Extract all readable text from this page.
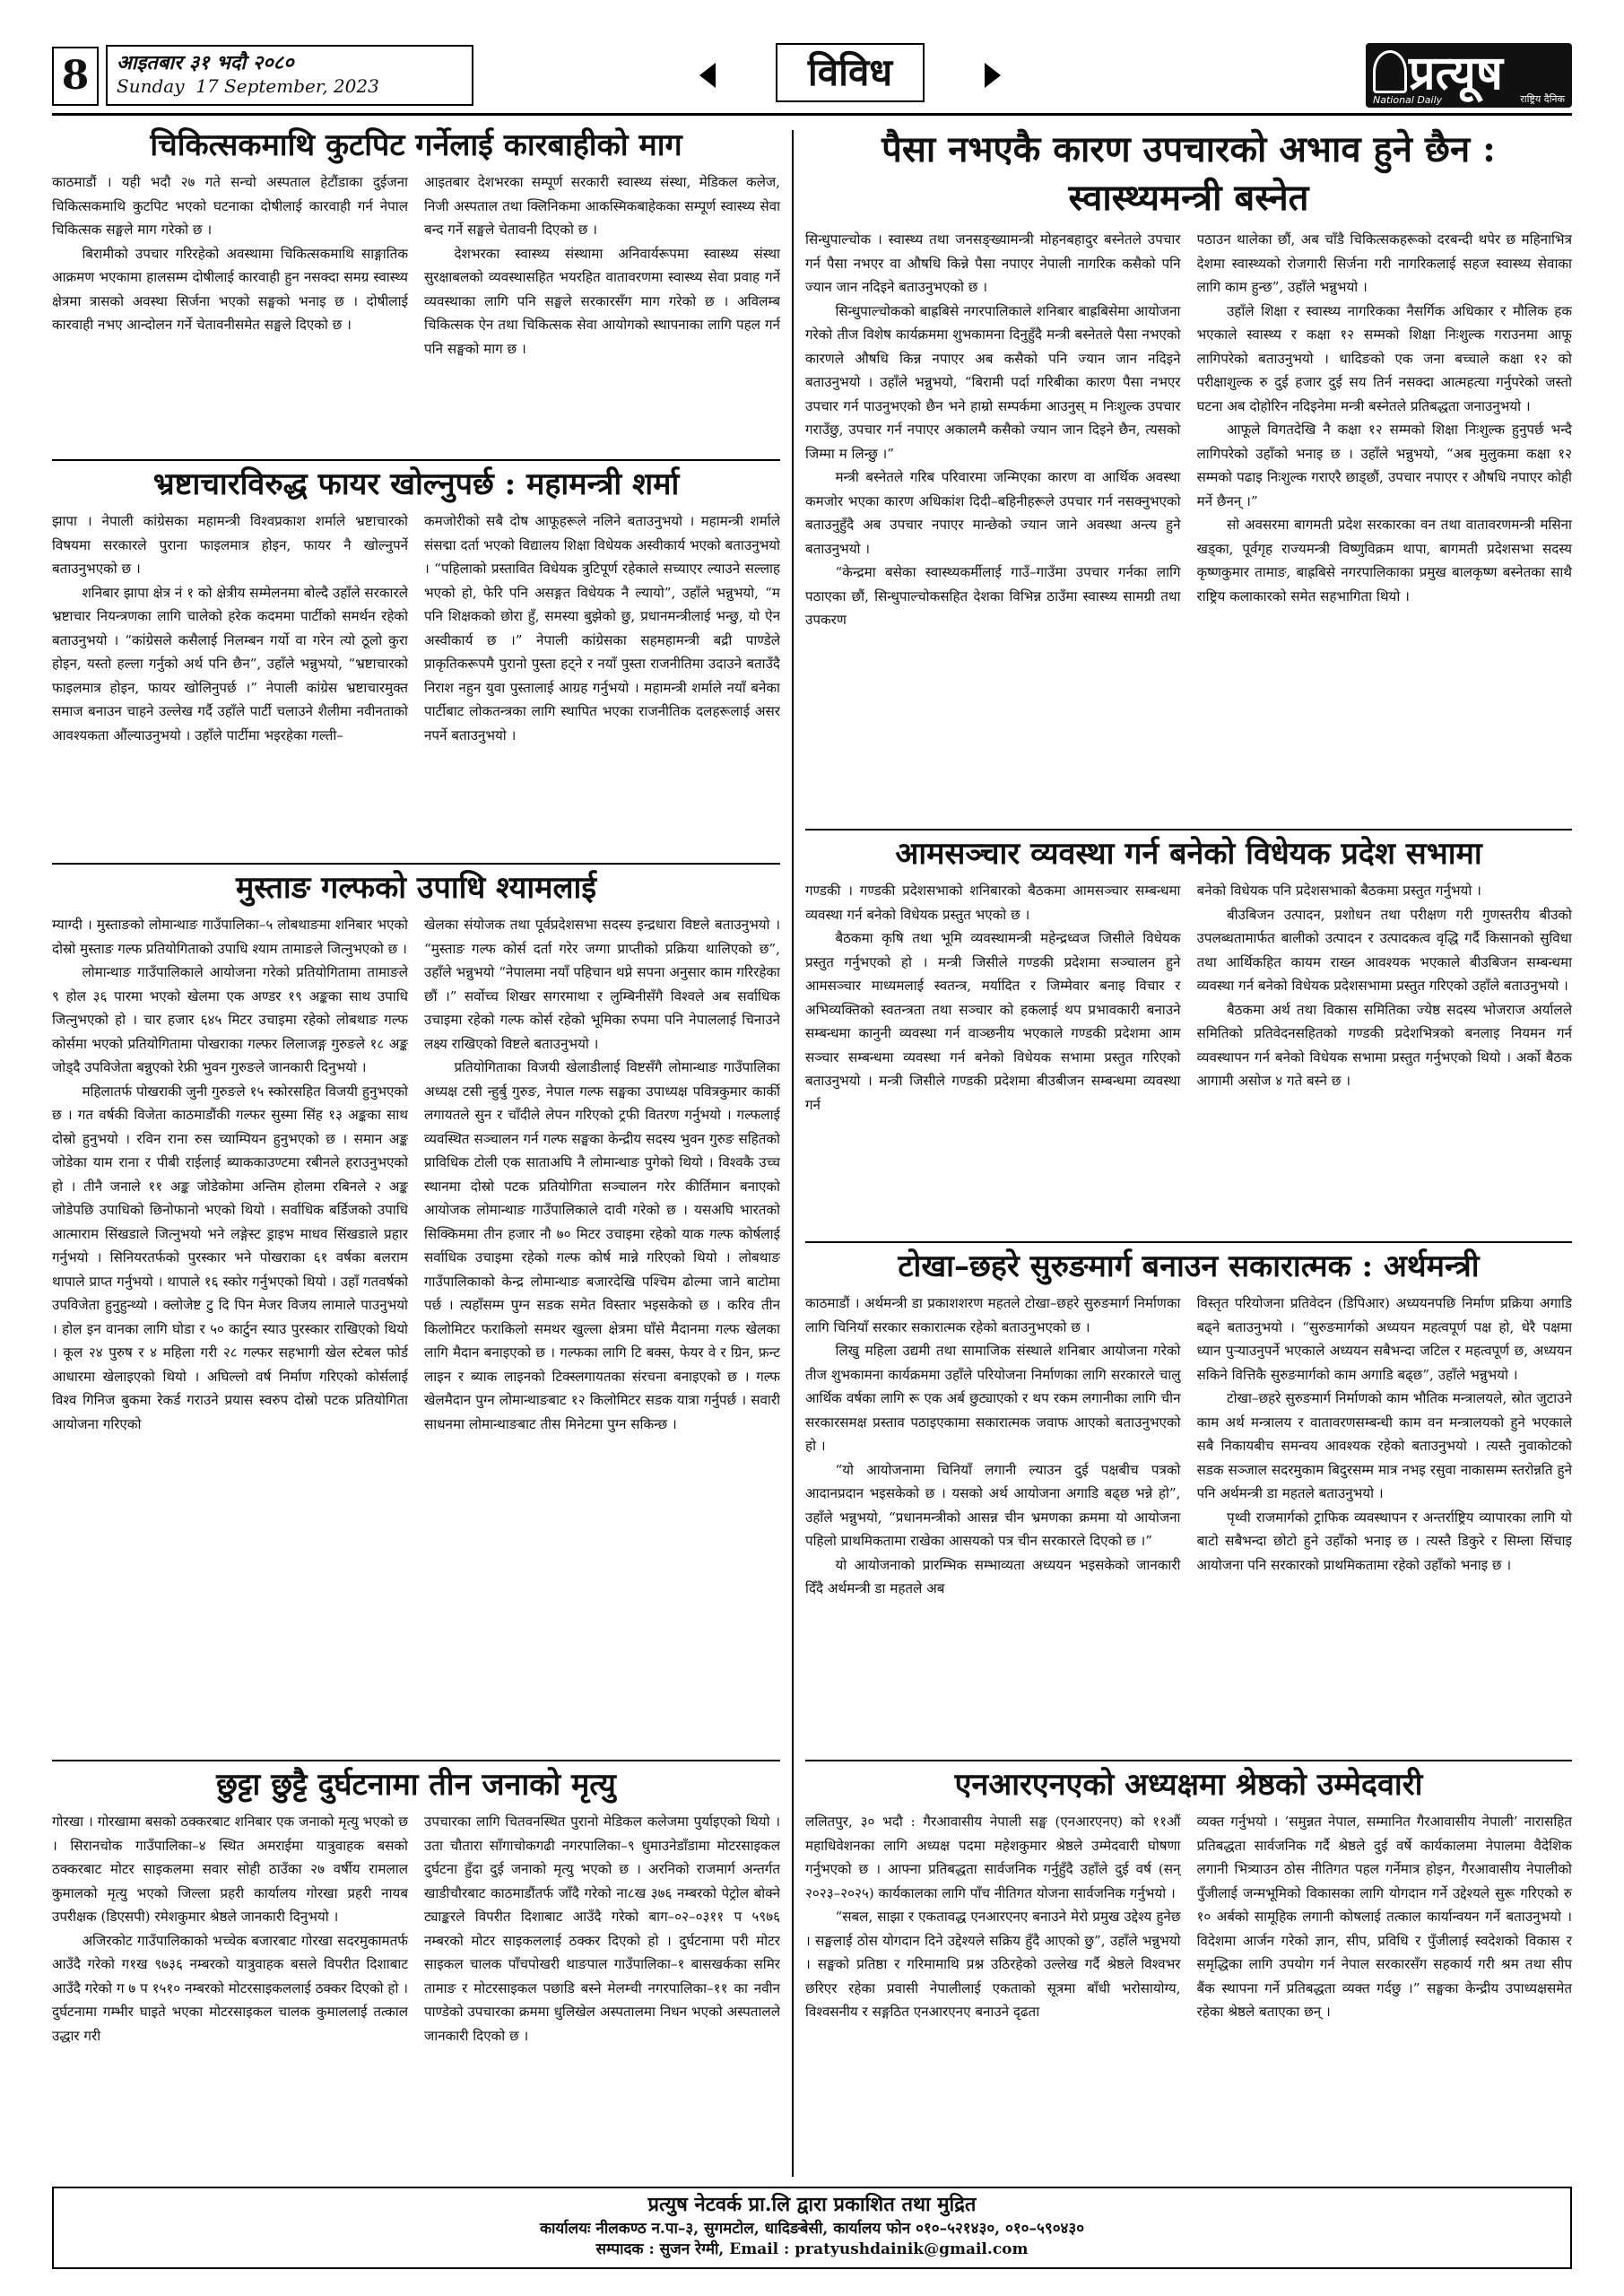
8	आइतबार ३१ भदौ २०८०
Sunday 17 September, 2023	विविध	प्रत्यूष
National Daily	राष्ट्रिय दैनिक
चिकित्सकमाथि कुटपिट गर्नेलाई कारबाहीको माग

काठमाडौं । यही भदौ २७ गते सन्चो अस्पताल हेटौंडाका दुईजना चिकित्सकमाथि कुटपिट भएको घटनाका दोषीलाई कारवाही गर्न नेपाल चिकित्सक सङ्घले माग गरेको छ ।

बिरामीको उपचार गरिरहेको अवस्थामा चिकित्सकमाथि साङ्गातिक आक्रमण भएकामा हालसम्म दोषीलाई कारवाही हुन नसक्दा समग्र स्वास्थ्य क्षेत्रमा त्रासको अवस्था सिर्जना भएको सङ्घको भनाइ छ । दोषीलाई कारवाही नभए आन्दोलन गर्ने चेतावनीसमेत सङ्घले दिएको छ ।

आइतबार देशभरका सम्पूर्ण सरकारी स्वास्थ्य संस्था, मेडिकल कलेज, निजी अस्पताल तथा क्लिनिकमा आकस्मिकबाहेकका सम्पूर्ण स्वास्थ्य सेवा बन्द गर्ने सङ्घले चेतावनी दिएको छ ।

देशभरका स्वास्थ्य संस्थामा अनिवार्यरूपमा स्वास्थ्य संस्था सुरक्षाबलको व्यवस्थासहित भयरहित वातावरणमा स्वास्थ्य सेवा प्रवाह गर्ने व्यवस्थाका लागि पनि सङ्घले सरकारसँग माग गरेको छ । अविलम्ब चिकित्सक ऐन तथा चिकित्सक सेवा आयोगको स्थापनाका लागि पहल गर्न पनि सङ्घको माग छ ।

भ्रष्टाचारविरुद्ध फायर खोल्नुपर्छ : महामन्त्री शर्मा

झापा । नेपाली कांग्रेसका महामन्त्री विश्वप्रकाश शर्माले भ्रष्टाचारको विषयमा सरकारले पुराना फाइलमात्र होइन, फायर नै खोल्नुपर्ने बताउनुभएको छ ।

शनिबार झापा क्षेत्र नं १ को क्षेत्रीय सम्मेलनमा बोल्दै उहाँले सरकारले भ्रष्टाचार नियन्त्रणका लागि चालेको हरेक कदममा पार्टीको समर्थन रहेको बताउनुभयो । “कांग्रेसले कसैलाई निलम्बन गर्यो वा गरेन त्यो ठूलो कुरा होइन, यस्तो हल्ला गर्नुको अर्थ पनि छैन”, उहाँले भन्नुभयो, “भ्रष्टाचारको फाइलमात्र होइन, फायर खोलिनुपर्छ ।” नेपाली कांग्रेस भ्रष्टाचारमुक्त समाज बनाउन चाहने उल्लेख गर्दै उहाँले पार्टी चलाउने शैलीमा नवीनताको आवश्यकता औंल्याउनुभयो । उहाँले पार्टीमा भइरहेका गल्ती–

कमजोरीको सबै दोष आफूहरूले नलिने बताउनुभयो । महामन्त्री शर्माले संसद्मा दर्ता भएको विद्यालय शिक्षा विधेयक अस्वीकार्य भएको बताउनुभयो । “पहिलाको प्रस्तावित विधेयक त्रुटिपूर्ण रहेकाले सच्याएर ल्याउने सल्लाह भएको हो, फेरि पनि असङ्गत विधेयक नै ल्यायो”, उहाँले भन्नुभयो, “म पनि शिक्षकको छोरा हुँ, समस्या बुझेको छु, प्रधानमन्त्रीलाई भन्छु, यो ऐन अस्वीकार्य छ ।” नेपाली कांग्रेसका सहमहामन्त्री बद्री पाण्डेले प्राकृतिकरूपमै पुरानो पुस्ता हट्ने र नयाँ पुस्ता राजनीतिमा उदाउने बताउँदै निराश नहुन युवा पुस्तालाई आग्रह गर्नुभयो । महामन्त्री शर्माले नयाँ बनेका पार्टीबाट लोकतन्त्रका लागि स्थापित भएका राजनीतिक दलहरूलाई असर नपर्ने बताउनुभयो ।

मुस्ताङ गल्फको उपाधि श्यामलाई

म्याग्दी । मुस्ताङको लोमान्थाङ गाउँपालिका–५ लोबथाङमा शनिबार भएको दोस्रो मुस्ताङ गल्फ प्रतियोगिताको उपाधि श्याम तामाङले जित्नुभएको छ ।

लोमान्थाङ गाउँपालिकाले आयोजना गरेको प्रतियोगितामा तामाङले ९ होल ३६ पारमा भएको खेलमा एक अण्डर १९ अङ्कका साथ उपाधि जित्नुभएको हो । चार हजार ६४५ मिटर उचाइमा रहेको लोबथाङ गल्फ कोर्समा भएको प्रतियोगितामा पोखराका गल्फर लिलाजङ्ग गुरुङले १८ अङ्क जोड्दै उपविजेता बन्नुएको रेफ्री भुवन गुरुङले जानकारी दिनुभयो ।

महिलातर्फ पोखराकी जुनी गुरुङले १५ स्कोरसहित विजयी हुनुभएको छ । गत वर्षकी विजेता काठमाडौंकी गल्फर सुस्मा सिंह १३ अङ्कका साथ दोस्रो हुनुभयो । रविन राना रुस च्याम्पियन हुनुभएको छ । समान अङ्क जोडेका याम राना र पीबी राईलाई ब्याककाउण्टमा रबीनले हराउनुभएको हो । तीनै जनाले ११ अङ्क जोडेकोमा अन्तिम होलमा रबिनले २ अङ्क जोडेपछि उपाधिको छिनोफानो भएको थियो । सर्वाधिक बर्डिजको उपाधि आत्माराम सिंखडाले जित्नुभयो भने लङ्गेस्ट ड्राइभ माधव सिंखडाले प्रहार गर्नुभयो । सिनियरतर्फको पुरस्कार भने पोखराका ६१ वर्षका बलराम थापाले प्राप्त गर्नुभयो । थापाले १६ स्कोर गर्नुभएको थियो । उहाँ गतवर्षको उपविजेता हुनुहुन्थ्यो । क्लोजेष्ट टु दि पिन मेजर विजय लामाले पाउनुभयो । होल इन वानका लागि घोडा र ५० कार्टुन स्याउ पुरस्कार राखिएको थियो । कूल २४ पुरुष र ४ महिला गरी २८ गल्फर सहभागी खेल स्टेबल फोर्ड आधारमा खेलाइएको थियो । अघिल्लो वर्ष निर्माण गरिएको कोर्सलाई विश्व गिनिज बुकमा रेकर्ड गराउने प्रयास स्वरुप दोस्रो पटक प्रतियोगिता आयोजना गरिएको

खेलका संयोजक तथा पूर्वप्रदेशसभा सदस्य इन्द्रधारा विष्टले बताउनुभयो । “मुस्ताङ गल्फ कोर्स दर्ता गरेर जग्गा प्राप्तीको प्रक्रिया थालिएको छ”, उहाँले भन्नुभयो “नेपालमा नयाँ पहिचान थप्ने सपना अनुसार काम गरिरहेका छौं ।” सर्वोच्च शिखर सगरमाथा र लुम्बिनीसँगै विश्वले अब सर्वाधिक उचाइमा रहेको गल्फ कोर्स रहेको भूमिका रुपमा पनि नेपाललाई चिनाउने लक्ष्य राखिएको विष्टले बताउनुभयो ।

प्रतियोगिताका विजयी खेलाडीलाई विष्टसँगै लोमान्थाङ गाउँपालिका अध्यक्ष टसी न्हुर्बु गुरुङ, नेपाल गल्फ सङ्घका उपाध्यक्ष पवित्रकुमार कार्की लगायतले सुन र चाँदीले लेपन गरिएको ट्रफी वितरण गर्नुभयो । गल्फलाई व्यवस्थित सञ्चालन गर्न गल्फ सङ्घका केन्द्रीय सदस्य भुवन गुरुङ सहितको प्राविधिक टोली एक साताअघि नै लोमान्थाङ पुगेको थियो । विश्वकै उच्च स्थानमा दोस्रो पटक प्रतियोगिता सञ्चालन गरेर कीर्तिमान बनाएको आयोजक लोमान्थाङ गाउँपालिकाले दावी गरेको छ । यसअघि भारतको सिक्किममा तीन हजार नौ ७० मिटर उचाइमा रहेको याक गल्फ कोर्षलाई सर्वाधिक उचाइमा रहेको गल्फ कोर्ष मान्ने गरिएको थियो । लोबथाङ गाउँपालिकाको केन्द्र लोमान्थाङ बजारदेखि पश्चिम ढोल्मा जाने बाटोमा पर्छ । त्यहाँसम्म पुग्न सडक समेत विस्तार भइसकेको छ । करिव तीन किलोमिटर फराकिलो समथर खुल्ला क्षेत्रमा घाँसे मैदानमा गल्फ खेलका लागि मैदान बनाइएको छ । गल्फका लागि टि बक्स, फेयर वे र ग्रिन, फ्रन्ट लाइन र ब्याक लाइनको टिक्स्लगायतका संरचना बनाइएको छ । गल्फ खेलमैदान पुग्न लोमान्थाङबाट १२ किलोमिटर सडक यात्रा गर्नुपर्छ । सवारी साधनमा लोमान्थाङबाट तीस मिनेटमा पुग्न सकिन्छ ।

छुट्टा छुट्टै दुर्घटनामा तीन जनाको मृत्यु

गोरखा । गोरखामा बसको ठक्करबाट शनिबार एक जनाको मृत्यु भएको छ । सिरानचोक गाउँपालिका–४ स्थित अमराईमा यात्रुवाहक बसको ठक्करबाट मोटर साइकलमा सवार सोही ठाउँका २७ वर्षीय रामलाल कुमालको मृत्यु भएको जिल्ला प्रहरी कार्यालय गोरखा प्रहरी नायब उपरीक्षक (डिएसपी) रमेशकुमार श्रेष्ठले जानकारी दिनुभयो ।

अजिरकोट गाउँपालिकाको भच्चेक बजारबाट गोरखा सदरमुकामतर्फ आउँदै गरेको ग१ख ९७३६ नम्बरको यात्रुवाहक बसले विपरीत दिशाबाट आउँदै गरेको ग ७ प १५१० नम्बरको मोटरसाइकललाई ठक्कर दिएको हो । दुर्घटनामा गम्भीर घाइते भएका मोटरसाइकल चालक कुमाललाई तत्काल उद्धार गरी

उपचारका लागि चितवनस्थित पुरानो मेडिकल कलेजमा पुर्याइएको थियो । उता चौतारा साँगाचोकगढी नगरपालिका–९ धुमाउनेडाँडामा मोटरसाइकल दुर्घटना हुँदा दुई जनाको मृत्यु भएको छ । अरनिको राजमार्ग अन्तर्गत खाडीचौरबाट काठमाडौंतर्फ जाँदै गरेको ना८ख ३७६ नम्बरको पेट्रोल बोक्ने ट्याङ्करले विपरीत दिशाबाट आउँदै गरेको बाग–०२–०३११ प ५९७६ नम्बरको मोटर साइकललाई ठक्कर दिएको हो । दुर्घटनामा परी मोटर साइकल चालक पाँचपोखरी थाङपाल गाउँपालिका–१ बासखर्कका समिर तामाङ र मोटरसाइकल पछाडि बस्ने मेलम्ची नगरपालिका–११ का नवीन पाण्डेको उपचारका क्रममा धुलिखेल अस्पतालमा निधन भएको अस्पतालले जानकारी दिएको छ ।

पैसा नभएकै कारण उपचारको अभाव हुने छैन :
स्वास्थ्यमन्त्री बस्नेत

सिन्धुपाल्चोक । स्वास्थ्य तथा जनसङ्ख्यामन्त्री मोहनबहादुर बस्नेतले उपचार गर्न पैसा नभएर वा औषधि किन्ने पैसा नपाएर नेपाली नागरिक कसैको पनि ज्यान जान नदिइने बताउनुभएको छ ।

सिन्धुपाल्चोकको बाह्रबिसे नगरपालिकाले शनिबार बाह्रबिसेमा आयोजना गरेको तीज विशेष कार्यक्रममा शुभकामना दिनुहुँदै मन्त्री बस्नेतले पैसा नभएको कारणले औषधि किन्न नपाएर अब कसैको पनि ज्यान जान नदिइने बताउनुभयो । उहाँले भन्नुभयो, “बिरामी पर्दा गरिबीका कारण पैसा नभएर उपचार गर्न पाउनुभएको छैन भने हाम्रो सम्पर्कमा आउनुस् म निःशुल्क उपचार गराउँछु, उपचार गर्न नपाएर अकालमै कसैको ज्यान जान दिइने छैन, त्यसको जिम्मा म लिन्छु ।”

मन्त्री बस्नेतले गरिब परिवारमा जन्मिएका कारण वा आर्थिक अवस्था कमजोर भएका कारण अधिकांश दिदी–बहिनीहरूले उपचार गर्न नसक्नुभएको बताउनुहुँदै अब उपचार नपाएर मान्छेको ज्यान जाने अवस्था अन्त्य हुने बताउनुभयो ।

“केन्द्रमा बसेका स्वास्थ्यकर्मीलाई गाउँ–गाउँमा उपचार गर्नका लागि पठाएका छौं, सिन्धुपाल्चोकसहित देशका विभिन्न ठाउँमा स्वास्थ्य सामग्री तथा उपकरण

पठाउन थालेका छौं, अब चाँडै चिकित्सकहरूको दरबन्दी थपेर छ महिनाभित्र देशमा स्वास्थ्यको रोजगारी सिर्जना गरी नागरिकलाई सहज स्वास्थ्य सेवाका लागि काम हुन्छ”, उहाँले भन्नुभयो ।

उहाँले शिक्षा र स्वास्थ्य नागरिकका नैसर्गिक अधिकार र मौलिक हक भएकाले स्वास्थ्य र कक्षा १२ सम्मको शिक्षा निःशुल्क गराउनमा आफू लागिपरेको बताउनुभयो । धादिङको एक जना बच्चाले कक्षा १२ को परीक्षाशुल्क रु दुई हजार दुई सय तिर्न नसक्दा आत्महत्या गर्नुपरेको जस्तो घटना अब दोहोरिन नदिइनेमा मन्त्री बस्नेतले प्रतिबद्धता जनाउनुभयो ।

आफूले विगतदेखि नै कक्षा १२ सम्मको शिक्षा निःशुल्क हुनुपर्छ भन्दै लागिपरेको उहाँको भनाइ छ । उहाँले भन्नुभयो, “अब मुलुकमा कक्षा १२ सम्मको पढाइ निःशुल्क गराएरै छाड्छौं, उपचार नपाएर र औषधि नपाएर कोही मर्ने छैनन् ।”

सो अवसरमा बागमती प्रदेश सरकारका वन तथा वातावरणमन्त्री मसिना खड्का, पूर्वगृह राज्यमन्त्री विष्णुविक्रम थापा, बागमती प्रदेशसभा सदस्य कृष्णकुमार तामाङ, बाह्रबिसे नगरपालिकाका प्रमुख बालकृष्ण बस्नेतका साथै राष्ट्रिय कलाकारको समेत सहभागिता थियो ।

आमसञ्चार व्यवस्था गर्न बनेको विधेयक प्रदेश सभामा

गण्डकी । गण्डकी प्रदेशसभाको शनिबारको बैठकमा आमसञ्चार सम्बन्धमा व्यवस्था गर्न बनेको विधेयक प्रस्तुत भएको छ ।

बैठकमा कृषि तथा भूमि व्यवस्थामन्त्री महेन्द्रध्वज जिसीले विधेयक प्रस्तुत गर्नुभएको हो । मन्त्री जिसीले गण्डकी प्रदेशमा सञ्चालन हुने आमसञ्चार माध्यमलाई स्वतन्त्र, मर्यादित र जिम्मेवार बनाइ विचार र अभिव्यक्तिको स्वतन्त्रता तथा सञ्चार को हकलाई थप प्रभावकारी बनाउने सम्बन्धमा कानुनी व्यवस्था गर्न वाञ्छनीय भएकाले गण्डकी प्रदेशमा आम सञ्चार सम्बन्धमा व्यवस्था गर्न बनेको विधेयक सभामा प्रस्तुत गरिएको बताउनुभयो । मन्त्री जिसीले गण्डकी प्रदेशमा बीउबीजन सम्बन्धमा व्यवस्था गर्न

बनेको विधेयक पनि प्रदेशसभाको बैठकमा प्रस्तुत गर्नुभयो ।

बीउबिजन उत्पादन, प्रशोधन तथा परीक्षण गरी गुणस्तरीय बीउको उपलब्धतामार्फत बालीको उत्पादन र उत्पादकत्व वृद्धि गर्दै किसानको सुविधा तथा आर्थिकहित कायम राख्न आवश्यक भएकाले बीउबिजन सम्बन्धमा व्यवस्था गर्न बनेको विधेयक प्रदेशसभामा प्रस्तुत गरिएको उहाँले बताउनुभयो ।

बैठकमा अर्थ तथा विकास समितिका ज्येष्ठ सदस्य भोजराज अर्यालले समितिको प्रतिवेदनसहितको गण्डकी प्रदेशभित्रको बनलाइ नियमन गर्न व्यवस्थापन गर्न बनेको विधेयक सभामा प्रस्तुत गर्नुभएको थियो । अर्को बैठक आगामी असोज ४ गते बस्ने छ ।

टोखा–छहरे सुरुङमार्ग बनाउन सकारात्मक : अर्थमन्त्री

काठमाडौं । अर्थमन्त्री डा प्रकाशशरण महतले टोखा–छहरे सुरुङमार्ग निर्माणका लागि चिनियाँ सरकार सकारात्मक रहेको बताउनुभएको छ ।

लिखु महिला उद्यमी तथा सामाजिक संस्थाले शनिबार आयोजना गरेको तीज शुभकामना कार्यक्रममा उहाँले परियोजना निर्माणका लागि सरकारले चालु आर्थिक वर्षका लागि रू एक अर्ब छुट्याएको र थप रकम लगानीका लागि चीन सरकारसमक्ष प्रस्ताव पठाइएकामा सकारात्मक जवाफ आएको बताउनुभएको हो ।

“यो आयोजनामा चिनियाँ लगानी ल्याउन दुई पक्षबीच पत्रको आदानप्रदान भइसकेको छ । यसको अर्थ आयोजना अगाडि बढ्छ भन्ने हो”, उहाँले भन्नुभयो, “प्रधानमन्त्रीको आसन्न चीन भ्रमणका क्रममा यो आयोजना पहिलो प्राथमिकतामा राखेका आसयको पत्र चीन सरकारले दिएको छ ।”

यो आयोजनाको प्रारम्भिक सम्भाव्यता अध्ययन भइसकेको जानकारी दिँदै अर्थमन्त्री डा महतले अब

विस्तृत परियोजना प्रतिवेदन (डिपिआर) अध्ययनपछि निर्माण प्रक्रिया अगाडि बढ्ने बताउनुभयो । “सुरुङमार्गको अध्ययन महत्वपूर्ण पक्ष हो, धेरै पक्षमा ध्यान पुऱ्याउनुपर्ने भएकाले अध्ययन सबैभन्दा जटिल र महत्वपूर्ण छ, अध्ययन सकिने वित्तिकै सुरुङमार्गको काम अगाडि बढ्छ”, उहाँले भन्नुभयो ।

टोखा–छहरे सुरुङमार्ग निर्माणको काम भौतिक मन्त्रालयले, स्रोत जुटाउने काम अर्थ मन्त्रालय र वातावरणसम्बन्धी काम वन मन्त्रालयको हुने भएकाले सबै निकायबीच समन्वय आवश्यक रहेको बताउनुभयो । त्यस्तै नुवाकोटको सडक सञ्जाल सदरमुकाम बिदुरसम्म मात्र नभइ रसुवा नाकासम्म स्तरोन्नति हुने पनि अर्थमन्त्री डा महतले बताउनुभयो ।

पृथ्वी राजमार्गको ट्राफिक व्यवस्थापन र अन्तर्राष्ट्रिय व्यापारका लागि यो बाटो सबैभन्दा छोटो हुने उहाँको भनाइ छ । त्यस्तै डिकुरे र सिम्ला सिंचाइ आयोजना पनि सरकारको प्राथमिकतामा रहेको उहाँको भनाइ छ ।

एनआरएनएको अध्यक्षमा श्रेष्ठको उम्मेदवारी

ललितपुर, ३० भदौ : गैरआवासीय नेपाली सङ्घ (एनआरएनए) को ११औं महाधिवेशनका लागि अध्यक्ष पदमा महेशकुमार श्रेष्ठले उम्मेदवारी घोषणा गर्नुभएको छ । आफ्ना प्रतिबद्धता सार्वजनिक गर्नुहुँदै उहाँले दुई वर्ष (सन् २०२३–२०२५) कार्यकालका लागि पाँच नीतिगत योजना सार्वजनिक गर्नुभयो ।

“सबल, साझा र एकतावद्ध एनआरएनए बनाउने मेरो प्रमुख उद्देश्य हुनेछ । सङ्घलाई ठोस योगदान दिने उद्देश्यले सक्रिय हुँदै आएको छु”, उहाँले भन्नुभयो । सङ्घको प्रतिष्ठा र गरिमामाथि प्रश्न उठिरहेको उल्लेख गर्दै श्रेष्ठले विश्वभर छरिएर रहेका प्रवासी नेपालीलाई एकताको सूत्रमा बाँधी भरोसायोग्य, विश्वसनीय र सङ्गठित एनआरएनए बनाउने दृढता

व्यक्त गर्नुभयो । ‘समुन्नत नेपाल, सम्मानित गैरआवासीय नेपाली’ नारासहित प्रतिबद्धता सार्वजनिक गर्दै श्रेष्ठले दुई वर्षे कार्यकालमा नेपालमा वैदेशिक लगानी भित्र्याउन ठोस नीतिगत पहल गर्नेमात्र होइन, गैरआवासीय नेपालीको पुँजीलाई जन्मभूमिको विकासका लागि योगदान गर्ने उद्देश्यले सुरू गरिएको रु १० अर्बको सामूहिक लगानी कोषलाई तत्काल कार्यान्वयन गर्ने बताउनुभयो । विदेशमा आर्जन गरेको ज्ञान, सीप, प्रविधि र पुँजीलाई स्वदेशको विकास र समृद्धिका लागि उपयोग गर्न नेपाल सरकारसँग सहकार्य गरी श्रम तथा सीप बैंक स्थापना गर्ने प्रतिबद्धता व्यक्त गर्दछु ।” सङ्घका केन्द्रीय उपाध्यक्षसमेत रहेका श्रेष्ठले बताएका छन् ।

प्रत्युष नेटवर्क प्रा.लि द्वारा प्रकाशित तथा मुद्रित
कार्यालयः नीलकण्ठ न.पा–३, सुगमटोल, धादिङबेसी, कार्यालय फोन ०१०–५२१४३०, ०१०–५९०४३०
सम्पादक : सुजन रेग्मी, Email : pratyushdainik@gmail.com
